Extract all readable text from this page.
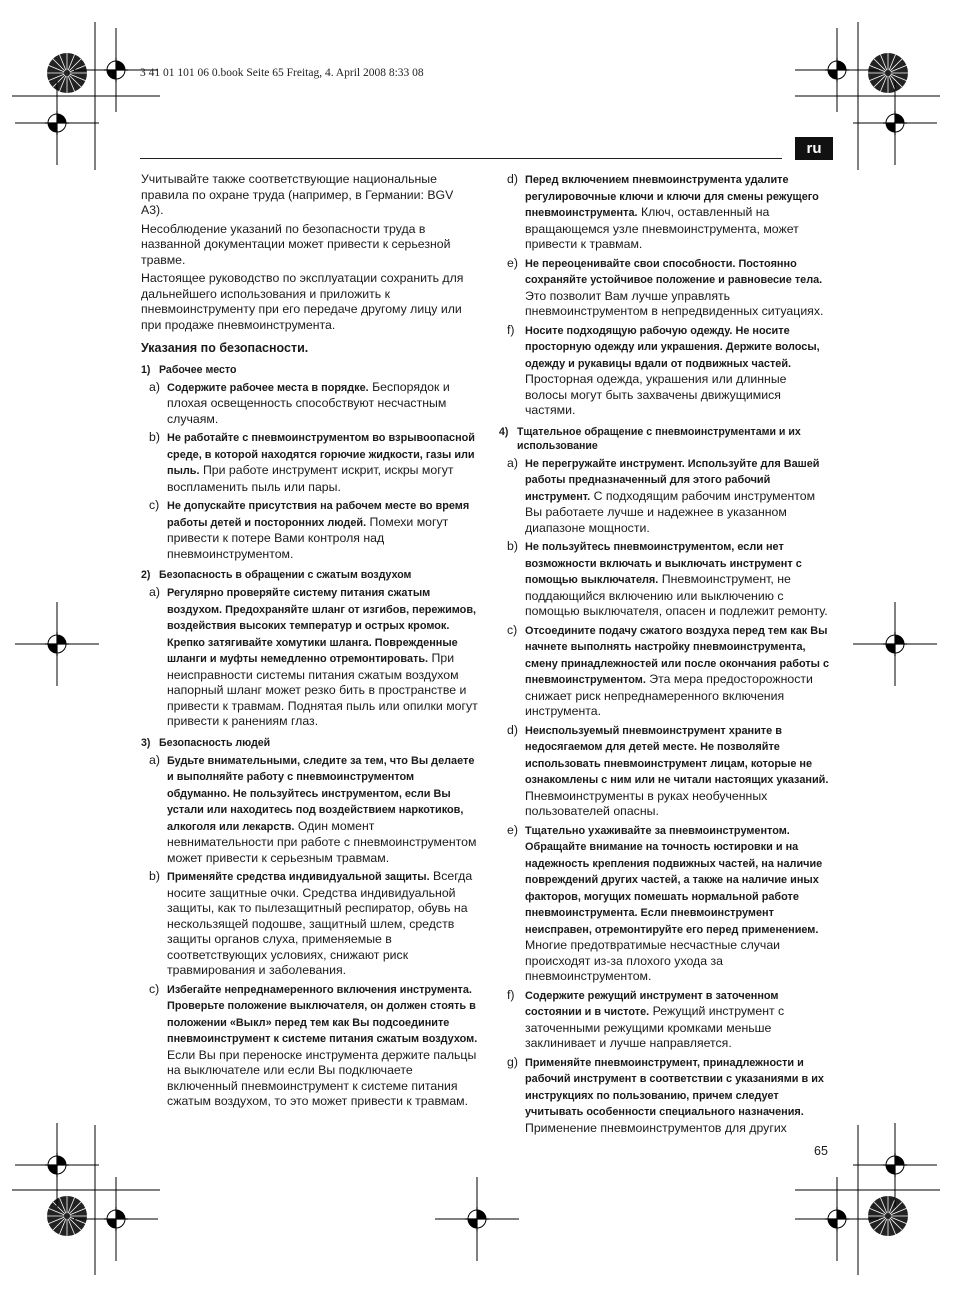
3 41 01 101 06 0.book Seite 65 Freitag, 4. April 2008 8:33 08
ru

Учитывайте также соответствующие национальные правила по охране труда (например, в Германии: BGV A3).

Несоблюдение указаний по безопасности труда в названной документации может привести к серьезной травме.

Настоящее руководство по эксплуатации сохранить для дальнейшего использования и приложить к пневмоинструменту при его передаче другому лицу или при продаже пневмоинструмента.

Указания по безопасности.
1) Рабочее место
a) Содержите рабочее места в порядке. Беспорядок и плохая освещенность способствуют несчастным случаям.
b) Не работайте с пневмоинструментом во взрывоопасной среде, в которой находятся горючие жидкости, газы или пыль. При работе инструмент искрит, искры могут воспламенить пыль или пары.
c) Не допускайте присутствия на рабочем месте во время работы детей и посторонних людей. Помехи могут привести к потере Вами контроля над пневмоинструментом.
2) Безопасность в обращении с сжатым воздухом
a) Регулярно проверяйте систему питания сжатым воздухом. Предохраняйте шланг от изгибов, пережимов, воздействия высоких температур и острых кромок. Крепко затягивайте хомутики шланга. Поврежденные шланги и муфты немедленно отремонтировать. При неисправности системы питания сжатым воздухом напорный шланг может резко бить в пространстве и привести к травмам. Поднятая пыль или опилки могут привести к ранениям глаз.
3) Безопасность людей
a) Будьте внимательными, следите за тем, что Вы делаете и выполняйте работу с пневмоинструментом обдуманно. Не пользуйтесь инструментом, если Вы устали или находитесь под воздействием наркотиков, алкоголя или лекарств. Один момент невнимательности при работе с пневмоинструментом может привести к серьезным травмам.
b) Применяйте средства индивидуальной защиты. Всегда носите защитные очки. Средства индивидуальной защиты, как то пылезащитный респиратор, обувь на нескользящей подошве, защитный шлем, средств защиты органов слуха, применяемые в соответствующих условиях, снижают риск травмирования и заболевания.
c) Избегайте непреднамеренного включения инструмента. Проверьте положение выключателя, он должен стоять в положении «Выкл» перед тем как Вы подсоедините пневмоинструмент к системе питания сжатым воздухом. Если Вы при переноске инструмента держите пальцы на выключателе или если Вы подключаете включенный пневмоинструмент к системе питания сжатым воздухом, то это может привести к травмам.
d) Перед включением пневмоинструмента удалите регулировочные ключи и ключи для смены режущего пневмоинструмента. Ключ, оставленный на вращающемся узле пневмоинструмента, может привести к травмам.
e) Не переоценивайте свои способности. Постоянно сохраняйте устойчивое положение и равновесие тела. Это позволит Вам лучше управлять пневмоинструментом в непредвиденных ситуациях.
f) Носите подходящую рабочую одежду. Не носите просторную одежду или украшения. Держите волосы, одежду и рукавицы вдали от подвижных частей. Просторная одежда, украшения или длинные волосы могут быть захвачены движущимися частями.
4) Тщательное обращение с пневмоинструментами и их использование
a) Не перегружайте инструмент. Используйте для Вашей работы предназначенный для этого рабочий инструмент. С подходящим рабочим инструментом Вы работаете лучше и надежнее в указанном диапазоне мощности.
b) Не пользуйтесь пневмоинструментом, если нет возможности включать и выключать инструмент с помощью выключателя. Пневмоинструмент, не поддающийся включению или выключению с помощью выключателя, опасен и подлежит ремонту.
c) Отсоедините подачу сжатого воздуха перед тем как Вы начнете выполнять настройку пневмоинструмента, смену принадлежностей или после окончания работы с пневмоинструментом. Эта мера предосторожности снижает риск непреднамеренного включения инструмента.
d) Неиспользуемый пневмоинструмент храните в недосягаемом для детей месте. Не позволяйте использовать пневмоинструмент лицам, которые не ознакомлены с ним или не читали настоящих указаний. Пневмоинструменты в руках необученных пользователей опасны.
e) Тщательно ухаживайте за пневмоинструментом. Обращайте внимание на точность юстировки и на надежность крепления подвижных частей, на наличие повреждений других частей, а также на наличие иных факторов, могущих помешать нормальной работе пневмоинструмента. Если пневмоинструмент неисправен, отремонтируйте его перед применением. Многие предотвратимые несчастные случаи происходят из-за плохого ухода за пневмоинструментом.
f) Содержите режущий инструмент в заточенном состоянии и в чистоте. Режущий инструмент с заточенными режущими кромками меньше заклинивает и лучше направляется.
g) Применяйте пневмоинструмент, принадлежности и рабочий инструмент в соответствии с указаниями в их инструкциях по пользованию, причем следует учитывать особенности специального назначения. Применение пневмоинструментов для других
65
